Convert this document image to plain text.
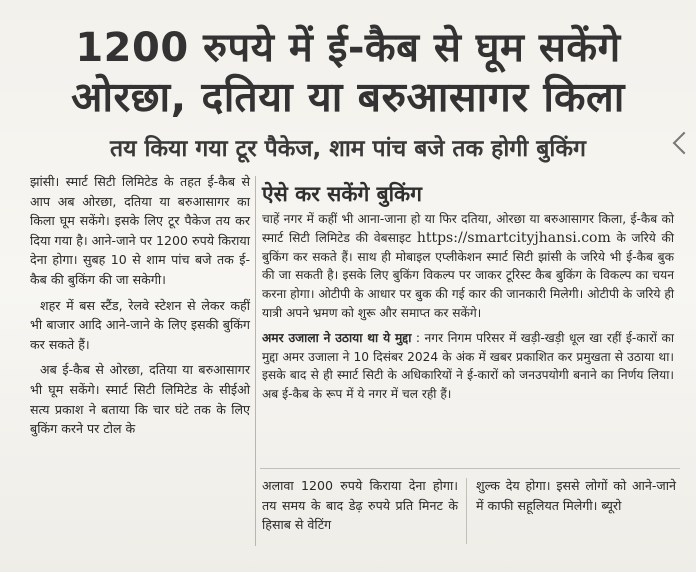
1200 रुपये में ई-कैब से घूम सकेंगे
ओरछा, दतिया या बरुआसागर किला
तय किया गया टूर पैकेज, शाम पांच बजे तक होगी बुकिंग

झांसी। स्मार्ट सिटी लिमिटेड के तहत ई-कैब से आप अब ओरछा, दतिया या बरुआसागर का किला घूम सकेंगे। इसके लिए टूर पैकेज तय कर दिया गया है। आने-जाने पर 1200 रुपये किराया देना होगा। सुबह 10 से शाम पांच बजे तक ई-कैब की बुकिंग की जा सकेगी।

शहर में बस स्टैंड, रेलवे स्टेशन से लेकर कहीं भी बाजार आदि आने-जाने के लिए इसकी बुकिंग कर सकते हैं।

अब ई-कैब से ओरछा, दतिया या बरुआसागर भी घूम सकेंगे। स्मार्ट सिटी लिमिटेड के सीईओ सत्य प्रकाश ने बताया कि चार घंटे तक के लिए बुकिंग करने पर टोल के

ऐसे कर सकेंगे बुकिंग

चाहें नगर में कहीं भी आना-जाना हो या फिर दतिया, ओरछा या बरुआसागर किला, ई-कैब को स्मार्ट सिटी लिमिटेड की वेबसाइट https://smartcityjhansi.com के जरिये की बुकिंग कर सकते हैं। साथ ही मोबाइल एप्लीकेशन स्मार्ट सिटी झांसी के जरिये भी ई-कैब बुक की जा सकती है। इसके लिए बुकिंग विकल्प पर जाकर टूरिस्ट कैब बुकिंग के विकल्प का चयन करना होगा। ओटीपी के आधार पर बुक की गई कार की जानकारी मिलेगी। ओटीपी के जरिये ही यात्री अपने भ्रमण को शुरू और समाप्त कर सकेंगे।

अमर उजाला ने उठाया था ये मुद्दा : नगर निगम परिसर में खड़ी-खड़ी धूल खा रहीं ई-कारों का मुद्दा अमर उजाला ने 10 दिसंबर 2024 के अंक में खबर प्रकाशित कर प्रमुखता से उठाया था। इसके बाद से ही स्मार्ट सिटी के अधिकारियों ने ई-कारों को जनउपयोगी बनाने का निर्णय लिया। अब ई-कैब के रूप में ये नगर में चल रही हैं।

अलावा 1200 रुपये किराया देना होगा। तय समय के बाद डेढ़ रुपये प्रति मिनट के हिसाब से वेटिंग

शुल्क देय होगा। इससे लोगों को आने-जाने में काफी सहूलियत मिलेगी। ब्यूरो
